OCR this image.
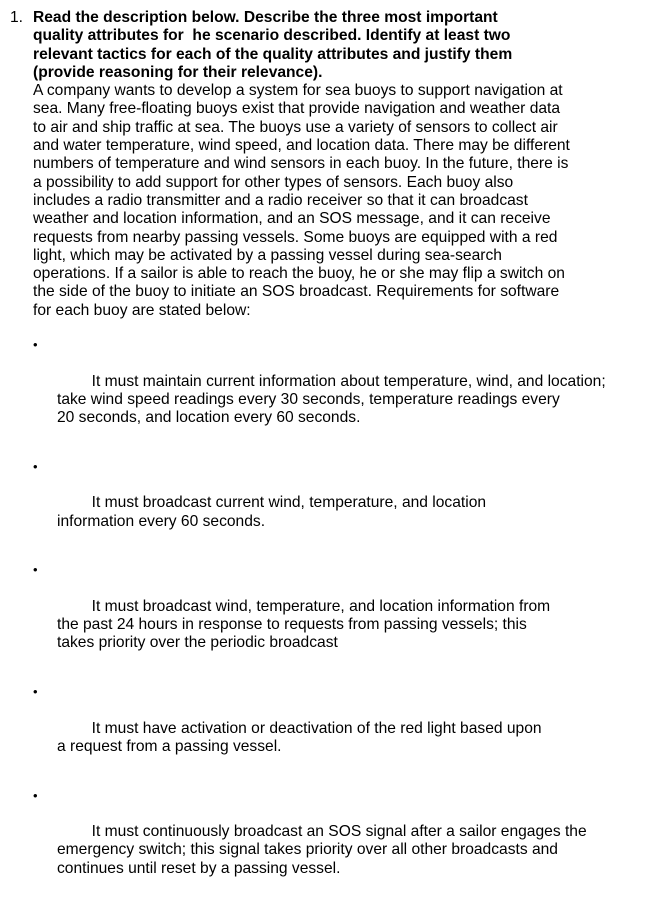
1. Read the description below. Describe the three most important
quality attributes for  he scenario described. Identify at least two
relevant tactics for each of the quality attributes and justify them
(provide reasoning for their relevance).

A company wants to develop a system for sea buoys to support navigation at
sea. Many free-floating buoys exist that provide navigation and weather data
to air and ship traffic at sea. The buoys use a variety of sensors to collect air
and water temperature, wind speed, and location data. There may be different
numbers of temperature and wind sensors in each buoy. In the future, there is
a possibility to add support for other types of sensors. Each buoy also
includes a radio transmitter and a radio receiver so that it can broadcast
weather and location information, and an SOS message, and it can receive
requests from nearby passing vessels. Some buoys are equipped with a red
light, which may be activated by a passing vessel during sea-search
operations. If a sailor is able to reach the buoy, he or she may flip a switch on
the side of the buoy to initiate an SOS broadcast. Requirements for software
for each buoy are stated below:

•

It must maintain current information about temperature, wind, and location;
take wind speed readings every 30 seconds, temperature readings every
20 seconds, and location every 60 seconds.

•

It must broadcast current wind, temperature, and location
information every 60 seconds.

•

It must broadcast wind, temperature, and location information from
the past 24 hours in response to requests from passing vessels; this
takes priority over the periodic broadcast

•

It must have activation or deactivation of the red light based upon
a request from a passing vessel.

•

It must continuously broadcast an SOS signal after a sailor engages the
emergency switch; this signal takes priority over all other broadcasts and
continues until reset by a passing vessel.
